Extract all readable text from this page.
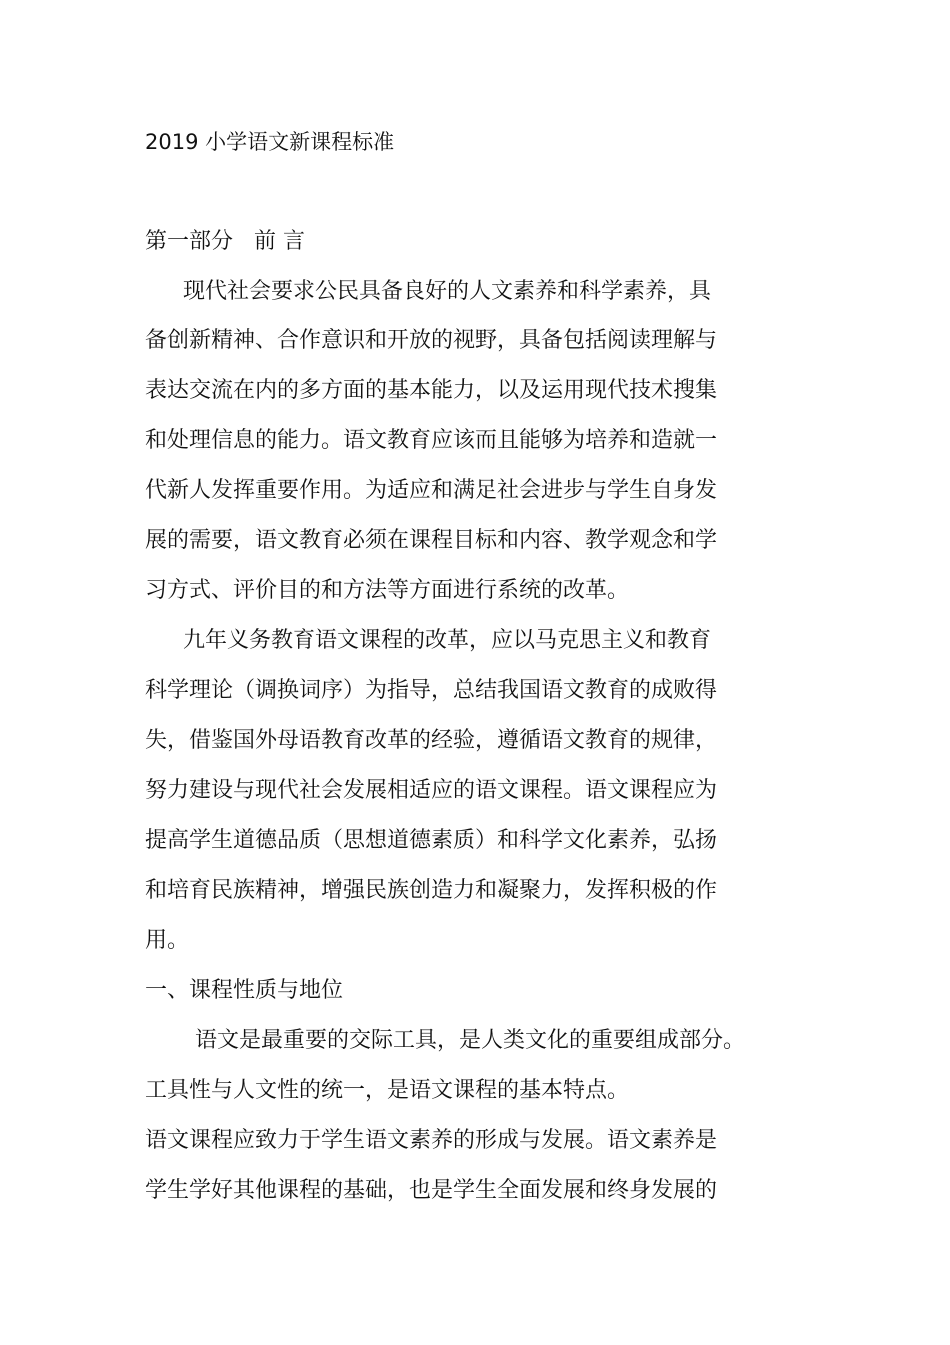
2019 小学语文新课程标准

第一部分   前 言

现代社会要求公民具备良好的人文素养和科学素养，具

备创新精神、合作意识和开放的视野，具备包括阅读理解与

表达交流在内的多方面的基本能力，以及运用现代技术搜集

和处理信息的能力。语文教育应该而且能够为培养和造就一

代新人发挥重要作用。为适应和满足社会进步与学生自身发

展的需要，语文教育必须在课程目标和内容、教学观念和学

习方式、评价目的和方法等方面进行系统的改革。

九年义务教育语文课程的改革，应以马克思主义和教育

科学理论（调换词序）为指导，总结我国语文教育的成败得

失，借鉴国外母语教育改革的经验，遵循语文教育的规律，

努力建设与现代社会发展相适应的语文课程。语文课程应为

提高学生道德品质（思想道德素质）和科学文化素养，弘扬

和培育民族精神，增强民族创造力和凝聚力，发挥积极的作

用。

一、课程性质与地位

语文是最重要的交际工具，是人类文化的重要组成部分。

工具性与人文性的统一，是语文课程的基本特点。

语文课程应致力于学生语文素养的形成与发展。语文素养是

学生学好其他课程的基础，也是学生全面发展和终身发展的
